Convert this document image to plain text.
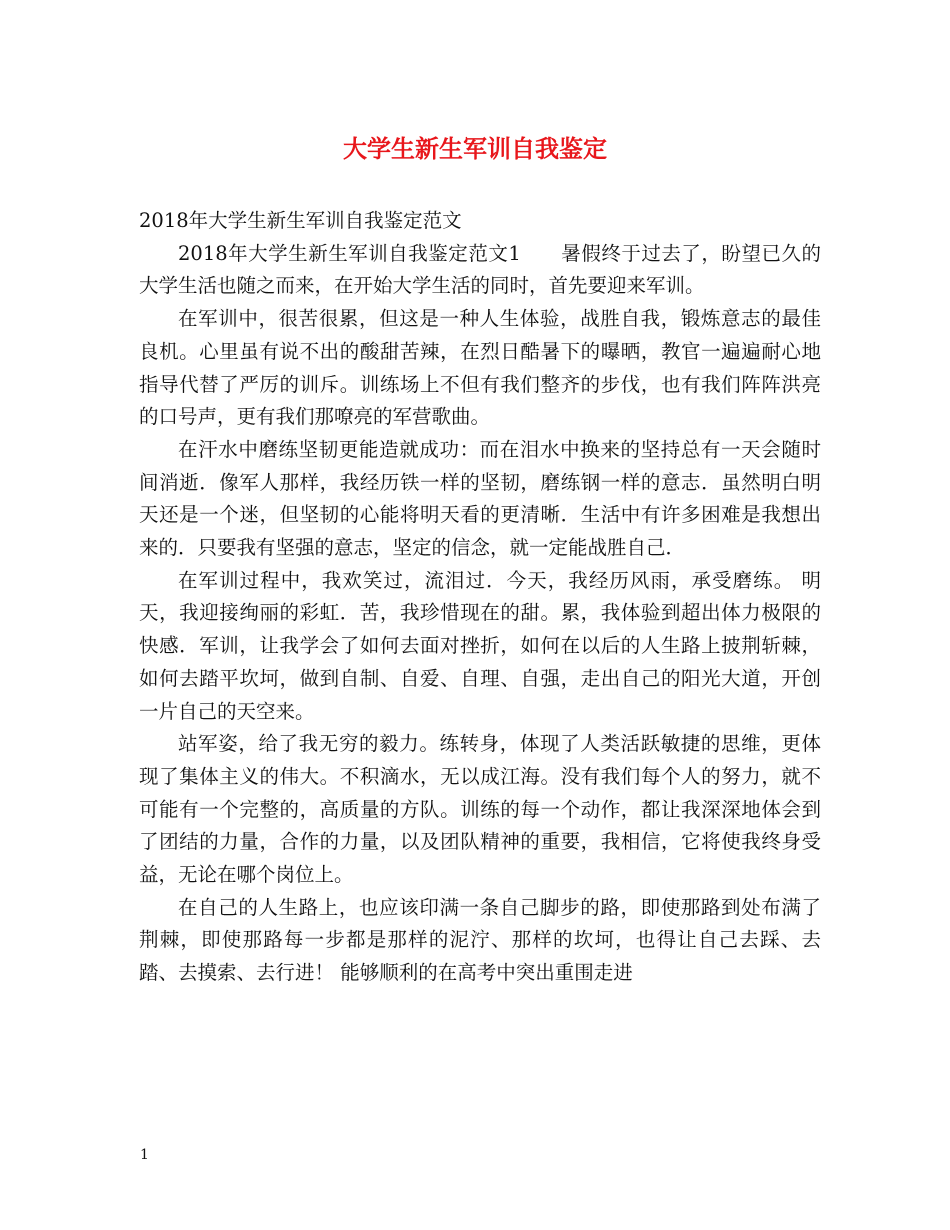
大学生新生军训自我鉴定

2018年大学生新生军训自我鉴定范文

2018年大学生新生军训自我鉴定范文1　　暑假终于过去了，盼望已久的大学生活也随之而来，在开始大学生活的同时，首先要迎来军训。

在军训中，很苦很累，但这是一种人生体验，战胜自我，锻炼意志的最佳良机。心里虽有说不出的酸甜苦辣，在烈日酷暑下的曝晒，教官一遍遍耐心地指导代替了严厉的训斥。训练场上不但有我们整齐的步伐，也有我们阵阵洪亮的口号声，更有我们那嘹亮的军营歌曲。

在汗水中磨练坚韧更能造就成功：而在泪水中换来的坚持总有一天会随时间消逝．像军人那样，我经历铁一样的坚韧，磨练钢一样的意志．虽然明白明天还是一个迷，但坚韧的心能将明天看的更清晰．生活中有许多困难是我想出来的．只要我有坚强的意志，坚定的信念，就一定能战胜自己．

在军训过程中，我欢笑过，流泪过．今天，我经历风雨，承受磨练。 明天，我迎接绚丽的彩虹．苦，我珍惜现在的甜。累，我体验到超出体力极限的快感．军训，让我学会了如何去面对挫折，如何在以后的人生路上披荆斩棘，如何去踏平坎坷，做到自制、自爱、自理、自强，走出自己的阳光大道，开创一片自己的天空来。

站军姿，给了我无穷的毅力。练转身，体现了人类活跃敏捷的思维，更体现了集体主义的伟大。不积滴水，无以成江海。没有我们每个人的努力，就不可能有一个完整的，高质量的方队。训练的每一个动作，都让我深深地体会到了团结的力量，合作的力量，以及团队精神的重要，我相信，它将使我终身受益，无论在哪个岗位上。

在自己的人生路上，也应该印满一条自己脚步的路，即使那路到处布满了荆棘，即使那路每一步都是那样的泥泞、那样的坎坷，也得让自己去踩、去踏、去摸索、去行进！ 能够顺利的在高考中突出重围走进

1
